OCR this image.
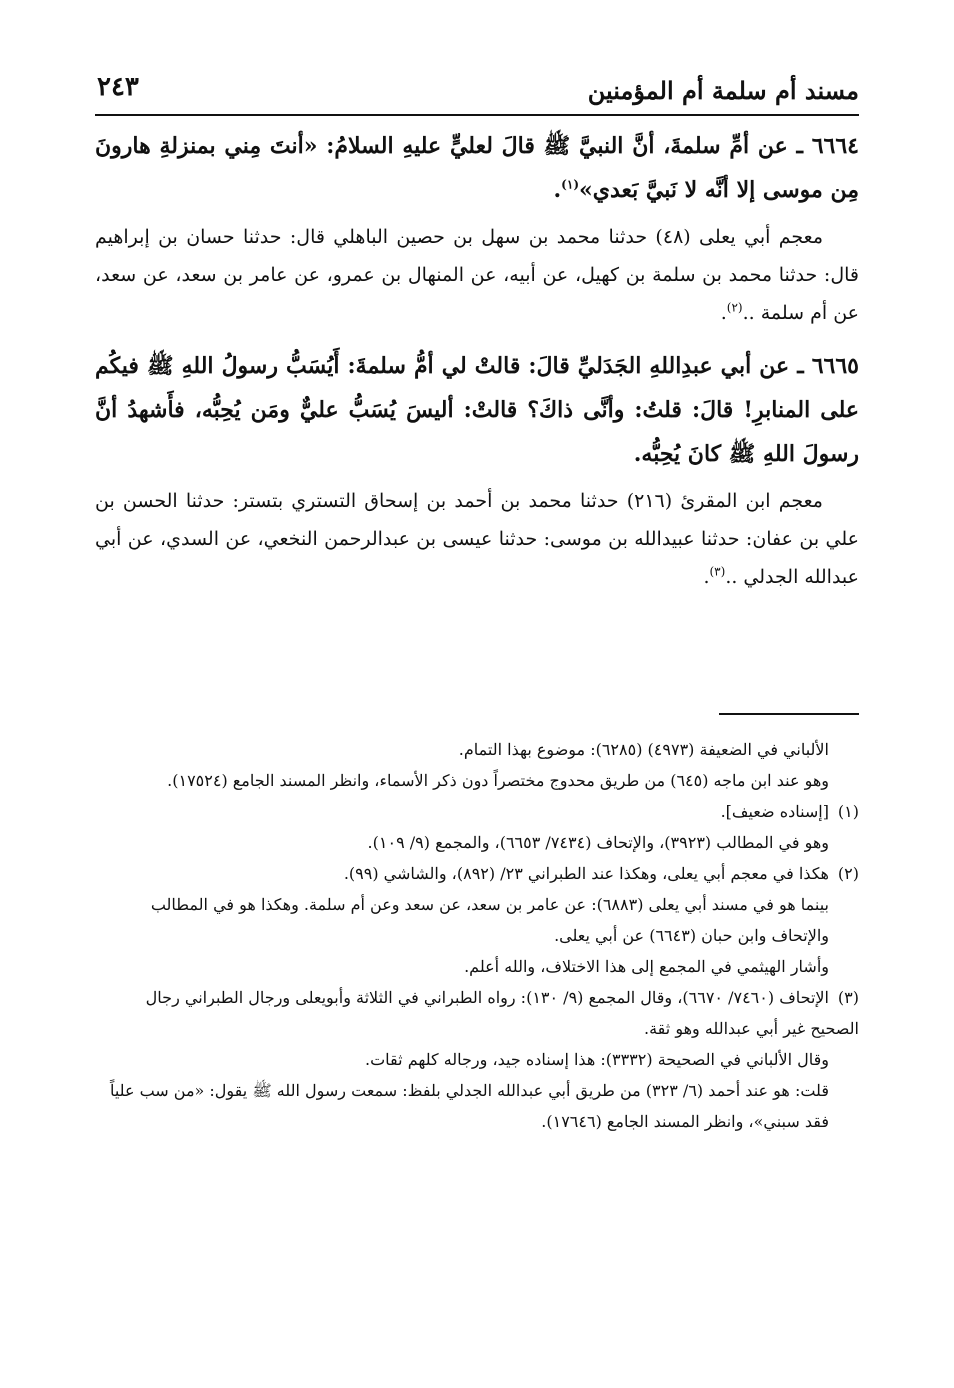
مسند أم سلمة أم المؤمنين
٢٤٣

٦٦٦٤ ـ عن أمِّ سلمةَ، أنَّ النبيَّ ﷺ قالَ لعليٍّ عليهِ السلامُ: «أنتَ مِني بمنزلةِ هارونَ مِن موسى إلا أنَّه لا نَبيَّ بَعدي»$^{(١)}$.

معجم أبي يعلى (٤٨) حدثنا محمد بن سهل بن حصين الباهلي قال: حدثنا حسان بن إبراهيم قال: حدثنا محمد بن سلمة بن كهيل، عن أبيه، عن المنهال بن عمرو، عن عامر بن سعد، عن سعد، عن أم سلمة ..$^{(٢)}$.

٦٦٦٥ ـ عن أبي عبدِاللهِ الجَدَليِّ قالَ: قالتْ لي أمُّ سلمةَ: أَيُسَبُّ رسولُ اللهِ ﷺ فيكُم على المنابرِ! قالَ: قلتُ: وأنَّى ذاكَ؟ قالتْ: أليسَ يُسَبُّ عليٌّ ومَن يُحِبُّه، فأَشهدُ أنَّ رسولَ اللهِ ﷺ كانَ يُحِبُّه.

معجم ابن المقرئ (٢١٦) حدثنا محمد بن أحمد بن إسحاق التستري بتستر: حدثنا الحسن بن علي بن عفان: حدثنا عبيدالله بن موسى: حدثنا عيسى بن عبدالرحمن النخعي، عن السدي، عن أبي عبدالله الجدلي ..$^{(٣)}$.

الألباني في الضعيفة (٤٩٧٣) (٦٢٨٥): موضوع بهذا التمام.

وهو عند ابن ماجه (٦٤٥) من طريق محدوج مختصراً دون ذكر الأسماء، وانظر المسند الجامع (١٧٥٢٤).

(١)[إسناده ضعيف].

وهو في المطالب (٣٩٢٣)، والإتحاف (٧٤٣٤/ ٦٦٥٣)، والمجمع (٩/ ١٠٩).

(٢)هكذا في معجم أبي يعلى، وهكذا عند الطبراني ٢٣/ (٨٩٢)، والشاشي (٩٩).

بينما هو في مسند أبي يعلى (٦٨٨٣): عن عامر بن سعد، عن سعد وعن أم سلمة. وهكذا هو في المطالب والإتحاف وابن حبان (٦٦٤٣) عن أبي يعلى.

وأشار الهيثمي في المجمع إلى هذا الاختلاف، والله أعلم.

(٣)الإتحاف (٧٤٦٠/ ٦٦٧٠)، وقال المجمع (٩/ ١٣٠): رواه الطبراني في الثلاثة وأبويعلى ورجال الطبراني رجال الصحيح غير أبي عبدالله وهو ثقة.

وقال الألباني في الصحيحة (٣٣٣٢): هذا إسناده جيد، ورجاله كلهم ثقات.

قلت: هو عند أحمد (٦/ ٣٢٣) من طريق أبي عبدالله الجدلي بلفظ: سمعت رسول الله ﷺ يقول: «من سب علياً فقد سبني»، وانظر المسند الجامع (١٧٦٤٦).
